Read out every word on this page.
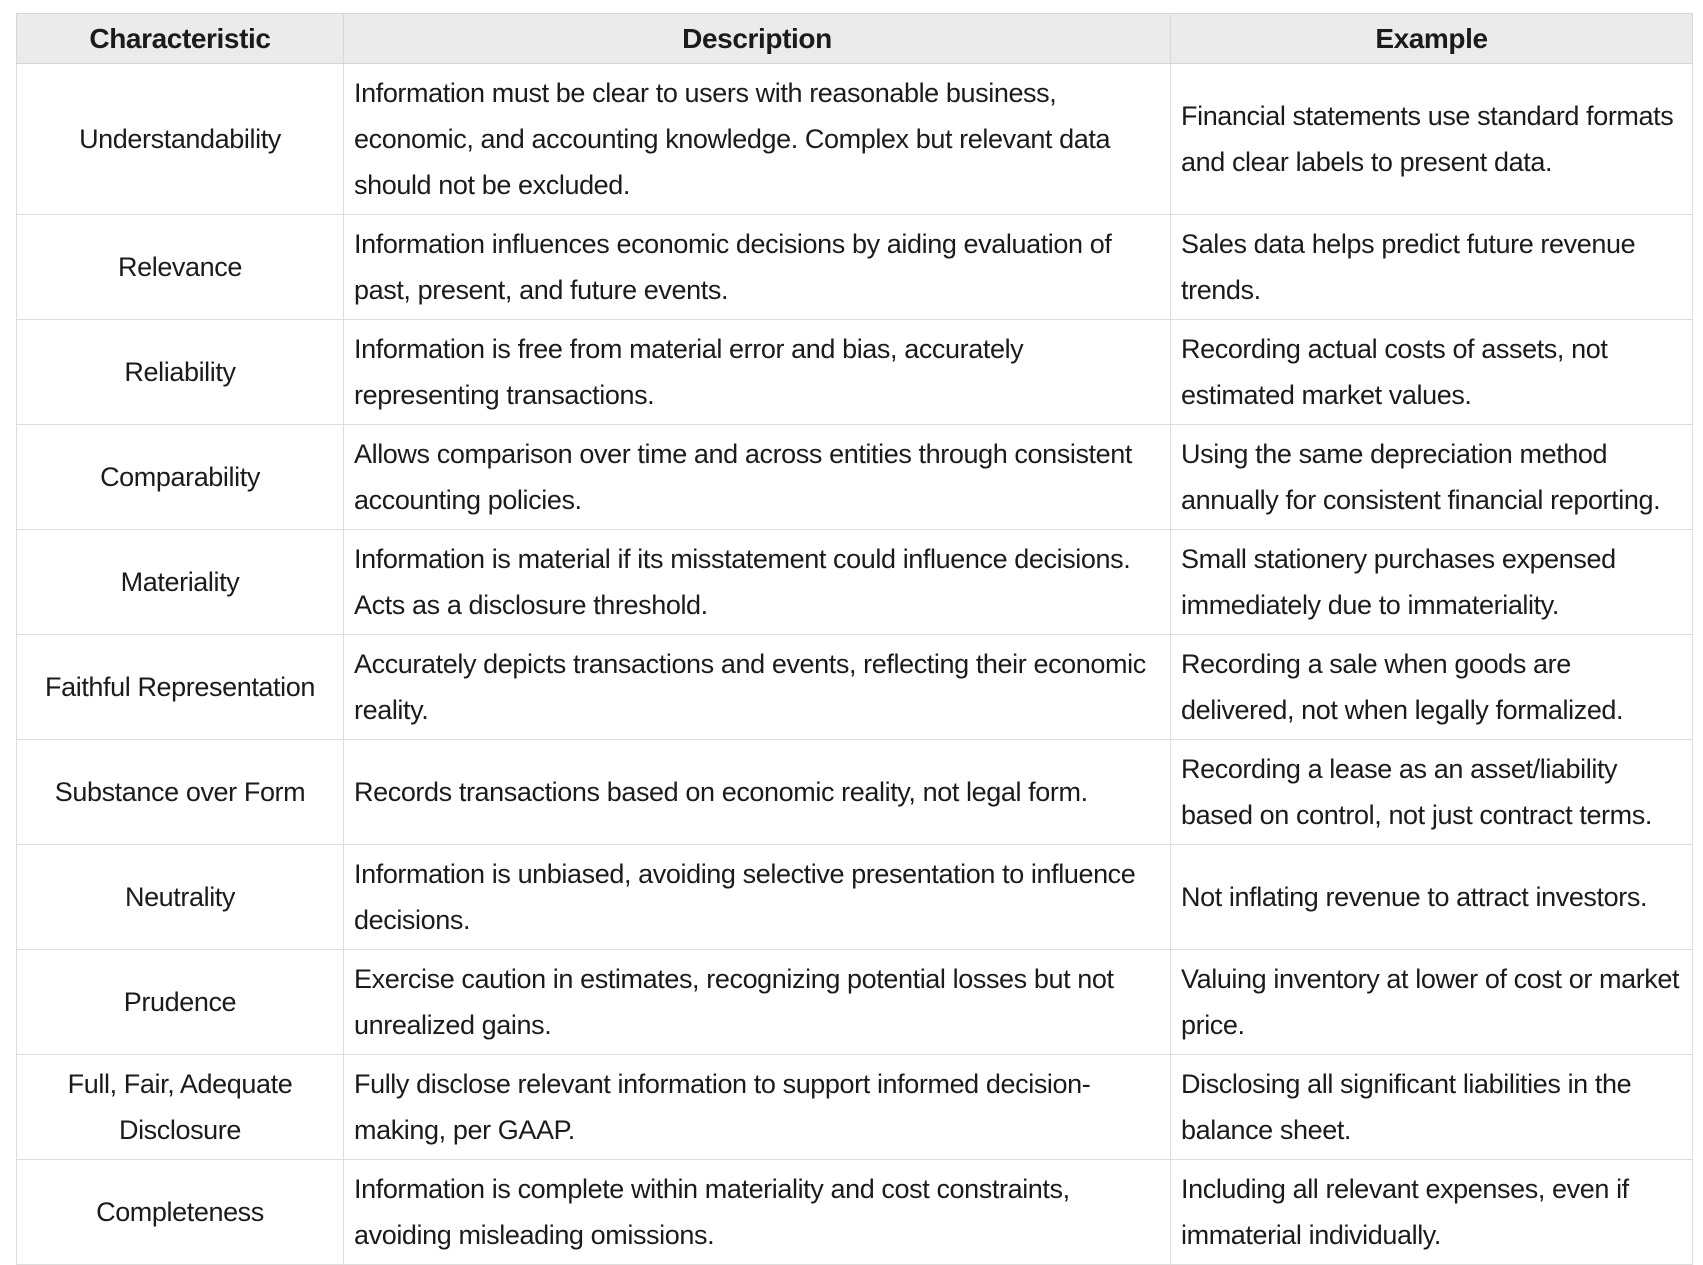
Characteristic	Description	Example
Understandability	Information must be clear to users with reasonable business, economic, and accounting knowledge. Complex but relevant data should not be excluded.	Financial statements use standard formats and clear labels to present data.
Relevance	Information influences economic decisions by aiding evaluation of past, present, and future events.	Sales data helps predict future revenue trends.
Reliability	Information is free from material error and bias, accurately representing transactions.	Recording actual costs of assets, not estimated market values.
Comparability	Allows comparison over time and across entities through consistent accounting policies.	Using the same depreciation method annually for consistent financial reporting.
Materiality	Information is material if its misstatement could influence decisions. Acts as a disclosure threshold.	Small stationery purchases expensed immediately due to immateriality.
Faithful Representation	Accurately depicts transactions and events, reflecting their economic reality.	Recording a sale when goods are delivered, not when legally formalized.
Substance over Form	Records transactions based on economic reality, not legal form.	Recording a lease as an asset/liability based on control, not just contract terms.
Neutrality	Information is unbiased, avoiding selective presentation to influence decisions.	Not inflating revenue to attract investors.
Prudence	Exercise caution in estimates, recognizing potential losses but not unrealized gains.	Valuing inventory at lower of cost or market price.
Full, Fair, Adequate Disclosure	Fully disclose relevant information to support informed decision-making, per GAAP.	Disclosing all significant liabilities in the balance sheet.
Completeness	Information is complete within materiality and cost constraints, avoiding misleading omissions.	Including all relevant expenses, even if immaterial individually.
